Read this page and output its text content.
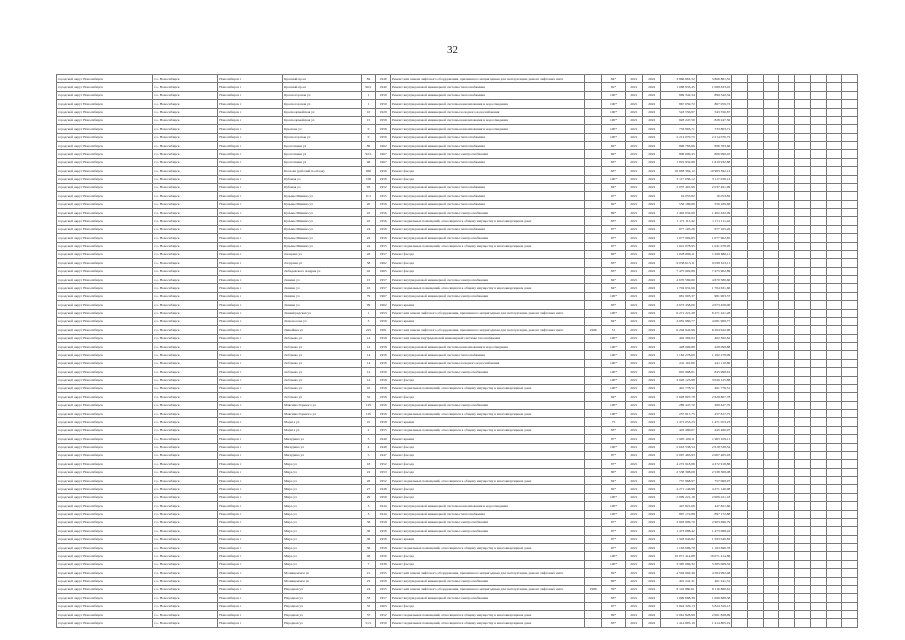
32
городской округ Новосибирск	г.о. Новосибирск	Новосибирск г	Красный пр-кт	84	1940	Ремонт или замена лифтового оборудования, признанного непригодным для эксплуатации, ремонт лифтовых шахт		84*	2021	2022	3 866 881,52	3 866 881,52								
городской округ Новосибирск	г.о. Новосибирск	Новосибирск г	Красный пр-кт	96/1	1940	Ремонт внутридомовой инженерной системы теплоснабжения		82*	2021	2022	1 088 833,45	1 088 833,45								
городской округ Новосибирск	г.о. Новосибирск	Новосибирск г	Красногорская ул	1	1959	Ремонт внутридомовой инженерной системы теплоснабжения		100*	2021	2022	899 342,34	899 342,34								
городской округ Новосибирск	г.о. Новосибирск	Новосибирск г	Красногорская ул	1	1959	Ремонт внутридомовой инженерной системы канализования и водоотведения		100*	2021	2022	867 059,72	867 059,72								
городской округ Новосибирск	г.о. Новосибирск	Новосибирск г	Красноармейская ул	10	1929	Ремонт внутридомовой инженерной системы холодного водоснабжения		100*	2021	2022	543 556,87	543 556,87								
городской округ Новосибирск	г.о. Новосибирск	Новосибирск г	Красноармейская ул	15	1958	Ремонт внутридомовой инженерной системы канализования и водоотведения		100*	2021	2022	828 247,50	828 247,50								
городской округ Новосибирск	г.о. Новосибирск	Новосибирск г	Крылова ул	9	1958	Ремонт внутридомовой инженерной системы канализования и водоотведения		100*	2021	2022	733 803,71	733 803,71								
городской округ Новосибирск	г.о. Новосибирск	Новосибирск г	Красногорская ул	9	1959	Ремонт внутридомовой инженерной системы теплоснабжения		100*	2021	2022	2 214 070,75	2 214 070,75								
городской округ Новосибирск	г.о. Новосибирск	Новосибирск г	Кропоткина ул	80	1962	Ремонт внутридомовой инженерной системы теплоснабжения		82*	2021	2022	896 783,66	896 783,66								
городской округ Новосибирск	г.о. Новосибирск	Новосибирск г	Кропоткина ул	92/1	1967	Ремонт внутридомовой инженерной системы электроснабжения		80*	2021	2022	806 090,45	806 090,45								
городской округ Новосибирск	г.о. Новосибирск	Новосибирск г	Кропоткина ул	96	1967	Ремонт внутридомовой инженерной системы теплоснабжения		83*	2021	2022	1 819 932,88	1 819 932,88								
городской округ Новосибирск	г.о. Новосибирск	Новосибирск г	Козлова (рабочий посёлок)	96б	1956	Ремонт фасада		83*	2021	2022	10 983 392,12	10 983 392,12								
городской округ Новосибирск	г.о. Новосибирск	Новосибирск г	Кубовая ул	100	1958	Ремонт фасада		100*	2021	2022	3 117 036,12	3 117 036,12								
городской округ Новосибирск	г.о. Новосибирск	Новосибирск г	Кубовая ул	93	1952	Ремонт внутридомовой инженерной системы теплоснабжения		84*	2021	2022	2 037 491,99	2 037 491,99								
городской округ Новосибирск	г.о. Новосибирск	Новосибирск г	Кузьмы Минина ул	11/1	1955	Ремонт внутридомовой инженерной системы теплоснабжения		87*	2021	2022	16 053,82	16 053,82								
городской округ Новосибирск	г.о. Новосибирск	Новосибирск г	Кузьмы Минина ул	20	1956	Ремонт внутридомовой инженерной системы теплоснабжения		82*	2021	2022	556 189,66	556 189,66								
городской округ Новосибирск	г.о. Новосибирск	Новосибирск г	Кузьмы Минина ул	22	1956	Ремонт внутридомовой инженерной системы электроснабжения		89*	2021	2022	1 402 632,09	1 402 632,09								
городской округ Новосибирск	г.о. Новосибирск	Новосибирск г	Кузьмы Минина ул	22	1956	Ремонт подвальных помещений, относящихся к общему имуществу в многоквартирном доме		83*	2021	2022	1 171 111,42	1 171 111,42								
городской округ Новосибирск	г.о. Новосибирск	Новосибирск г	Кузьмы Минина ул	24	1956	Ремонт внутридомовой инженерной системы теплоснабжения		87*	2021	2022	677 105,26	677 105,26								
городской округ Новосибирск	г.о. Новосибирск	Новосибирск г	Кузьмы Минина ул	24	1956	Ремонт внутридомовой инженерной системы электроснабжения		87*	2021	2022	1 077 902,85	1 077 902,85								
городской округ Новосибирск	г.о. Новосибирск	Новосибирск г	Кузьмы Минина ул	24	1955	Ремонт подвальных помещений, относящихся к общему имуществу в многоквартирном доме		87*	2021	2022	1 041 078,95	1 041 078,95								
городской округ Новосибирск	г.о. Новосибирск	Новосибирск г	Лазарева ул	26	1957	Ремонт фасада		80*	2021	2022	1 028 686,11	1 028 686,11								
городской округ Новосибирск	г.о. Новосибирск	Новосибирск г	Лазурная ул	58	1962	Ремонт фасада		83*	2021	2022	9 038 613,11	9 038 613,11								
городской округ Новосибирск	г.о. Новосибирск	Новосибирск г	Лебедевского Андрея ул	42	1965	Ремонт фасада		83*	2021	2022	7 475 902,89	7 475 902,89								
городской округ Новосибирск	г.о. Новосибирск	Новосибирск г	Ленина ул	15	1957	Ремонт внутридомовой инженерной системы электроснабжения		84*	2021	2022	4 670 580,60	4 670 580,60								
городской округ Новосибирск	г.о. Новосибирск	Новосибирск г	Ленина ул	16	1957	Ремонт подвальных помещений, относящихся к общему имуществу в многоквартирном доме		84*	2021	2022	1 704 631,66	1 704 631,66								
городской округ Новосибирск	г.о. Новосибирск	Новосибирск г	Ленина ул	79	1967	Ремонт внутридомовой инженерной системы электроснабжения		100*	2021	2022	981 903,37	981 903,37								
городской округ Новосибирск	г.о. Новосибирск	Новосибирск г	Ленина ул	99	1962	Ремонт крыши		83*	2021	2022	4 673 458,00	4 673 458,00								
городской округ Новосибирск	г.о. Новосибирск	Новосибирск г	Ленинградская ул	1	1953	Ремонт или замена лифтового оборудования, признанного непригодным для эксплуатации, ремонт лифтовых шахт		100*	2021	2022	6 271 221,28	6 271 221,28								
городской округ Новосибирск	г.о. Новосибирск	Новосибирск г	Ломоносова ул	3	1956	Ремонт крыши		84*	2021	2022	4 081 960,77	4 081 960,77								
городской округ Новосибирск	г.о. Новосибирск	Новосибирск г	Линейная ул	225	1981	Ремонт или замена лифтового оборудования, признанного непригодным для эксплуатации, ремонт лифтовых шахт	1996	51	2021	2022	6 294 942,96	6 294 942,96								
городской округ Новосибирск	г.о. Новосибирск	Новосибирск г	Лобачева ул	14	1958	Ремонт или замена внутридомовой инженерной системы газоснабжения		100*	2021	2022	402 392,62	402 392,62								
городской округ Новосибирск	г.о. Новосибирск	Новосибирск г	Лобачева ул	14	1958	Ремонт внутридомовой инженерной системы канализования и водоотведения		100*	2021	2022	428 099,88	428 099,88								
городской округ Новосибирск	г.о. Новосибирск	Новосибирск г	Лобачева ул	14	1958	Ремонт внутридомовой инженерной системы теплоснабжения		100*	2021	2022	1 182 278,09	1 182 278,09								
городской округ Новосибирск	г.о. Новосибирск	Новосибирск г	Лобачева ул	14	1958	Ремонт внутридомовой инженерной системы холодного водоснабжения		100*	2021	2022	241 110,80	241 110,80								
городской округ Новосибирск	г.о. Новосибирск	Новосибирск г	Лобачева ул	14	1958	Ремонт внутридомовой инженерной системы электроснабжения		100*	2021	2022	845 998,61	845 998,61								
городской округ Новосибирск	г.о. Новосибирск	Новосибирск г	Лобачева ул	14	1958	Ремонт фасада		100*	2021	2022	3 026 125,88	3 026 125,88								
городской округ Новосибирск	г.о. Новосибирск	Новосибирск г	Лобачева ул	16	1958	Ремонт подвальных помещений, относящихся к общему имуществу в многоквартирном доме		100*	2021	2022	491 778,51	491 778,51								
городской округ Новосибирск	г.о. Новосибирск	Новосибирск г	Лобачева ул	52	1958	Ремонт фасада		84*	2021	2022	2 628 807,78	2 628 807,78								
городской округ Новосибирск	г.о. Новосибирск	Новосибирск г	Максима Горького ул	12б	1956	Ремонт внутридомовой инженерной системы электроснабжения		100*	2021	2022	289 447,70	289 447,70								
городской округ Новосибирск	г.о. Новосибирск	Новосибирск г	Максима Горького ул	12б	1956	Ремонт подвальных помещений, относящихся к общему имуществу в многоквартирном доме		100*	2021	2022	257 817,75	257 817,75								
городской округ Новосибирск	г.о. Новосибирск	Новосибирск г	Марата ул	10	1958	Ремонт крыши		75	2021	2022	1 471 053,23	1 471 053,23								
городской округ Новосибирск	г.о. Новосибирск	Новосибирск г	Марата ул	2	1955	Ремонт подвальных помещений, относящихся к общему имуществу в многоквартирном доме		83*	2021	2022	445 480,07	445 480,07								
городской округ Новосибирск	г.о. Новосибирск	Новосибирск г	Мичурина ул	3	1949	Ремонт крыши		87*	2021	2022	1 905 109,11	1 905 109,11								
городской округ Новосибирск	г.о. Новосибирск	Новосибирск г	Мичурина ул	4	1949	Ремонт фасада		100*	2021	2022	2 618 538,54	2 618 538,54								
городской округ Новосибирск	г.о. Новосибирск	Новосибирск г	Мичурина ул	5	1947	Ремонт фасада		87*	2021	2022	2 067 465,93	2 067 465,93								
городской округ Новосибирск	г.о. Новосибирск	Новосибирск г	Мира ул	18	1952	Ремонт фасада		87*	2021	2022	4 272 918,86	4 272 918,86								
городской округ Новосибирск	г.о. Новосибирск	Новосибирск г	Мира ул	22	1953	Ремонт фасада		80*	2021	2022	2 538 308,08	2 538 308,08								
городской округ Новосибирск	г.о. Новосибирск	Новосибирск г	Мира ул	26	1952	Ремонт подвальных помещений, относящихся к общему имуществу в многоквартирном доме		84*	2021	2022	757 968,97	757 968,97								
городской округ Новосибирск	г.о. Новосибирск	Новосибирск г	Мира ул	27	1948	Ремонт фасада		82*	2021	2022	4 271 146,98	4 271 146,98								
городской округ Новосибирск	г.о. Новосибирск	Новосибирск г	Мира ул	29	1950	Ремонт фасада		100*	2021	2022	2 009 221,18	2 009 221,18								
городской округ Новосибирск	г.о. Новосибирск	Новосибирск г	Мира ул	3	1944	Ремонт внутридомовой инженерной системы канализования и водоотведения		100*	2021	2022	447 821,66	447 821,66								
городской округ Новосибирск	г.о. Новосибирск	Новосибирск г	Мира ул	3	1944	Ремонт внутридомовой инженерной системы теплоснабжения		100*	2021	2022	897 172,88	897 172,88								
городской округ Новосибирск	г.о. Новосибирск	Новосибирск г	Мира ул	36	1958	Ремонт внутридомовой инженерной системы электроснабжения		87*	2021	2022	2 903 696,79	2 903 696,79								
городской округ Новосибирск	г.о. Новосибирск	Новосибирск г	Мира ул	36	1958	Ремонт внутридомовой инженерной системы электроснабжения		87*	2021	2022	1 473 088,42	1 473 088,42								
городской округ Новосибирск	г.о. Новосибирск	Новосибирск г	Мира ул	36	1958	Ремонт крыши		87*	2021	2022	1 593 040,82	1 593 040,82								
городской округ Новосибирск	г.о. Новосибирск	Новосибирск г	Мира ул	36	1958	Ремонт подвальных помещений, относящихся к общему имуществу в многоквартирном доме		87*	2021	2022	1 163 696,78	1 163 696,78								
городской округ Новосибирск	г.о. Новосибирск	Новосибирск г	Мира ул	48	1950	Ремонт фасада		100*	2021	2022	10 071 414,88	10 071 414,88								
городской округ Новосибирск	г.о. Новосибирск	Новосибирск г	Мира ул	7	1939	Ремонт фасада		100*	2021	2022	3 385 069,32	3 385 069,32								
городской округ Новосибирск	г.о. Новосибирск	Новосибирск г	Мочищенское ш	21	1955	Ремонт или замена лифтового оборудования, признанного непригодным для эксплуатации, ремонт лифтовых шахт		82*	2021	2022	4 504 992,48	4 504 992,48								
городской округ Новосибирск	г.о. Новосибирск	Новосибирск г	Мочищенское ш	25	1959	Ремонт внутридомовой инженерной системы электроснабжения		80*	2021	2022	401 241,31	401 241,31								
городской округ Новосибирск	г.о. Новосибирск	Новосибирск г	Народная ул	24	1955	Ремонт или замена лифтового оборудования, признанного непригодным для эксплуатации, ремонт лифтовых шахт	1986	59*	2021	2022	8 116 860,61	8 116 860,61								
городской округ Новосибирск	г.о. Новосибирск	Новосибирск г	Народная ул	33	1957	Ремонт внутридомовой инженерной системы электроснабжения		83*	2021	2022	1 099 688,38	1 099 688,38								
городской округ Новосибирск	г.о. Новосибирск	Новосибирск г	Народная ул	35	1963	Ремонт фасада		87*	2021	2022	5 824 329,13	5 824 329,13								
городской округ Новосибирск	г.о. Новосибирск	Новосибирск г	Народная ул	37	1952	Ремонт подвальных помещений, относящихся к общему имуществу в многоквартирном доме		89*	2021	2022	2 061 828,99	2 061 828,99								
городской округ Новосибирск	г.о. Новосибирск	Новосибирск г	Народная ул	51/1	1959	Ремонт подвальных помещений, относящихся к общему имуществу в многоквартирном доме		83*	2021	2022	1 414 805,19	1 414 805,19								
